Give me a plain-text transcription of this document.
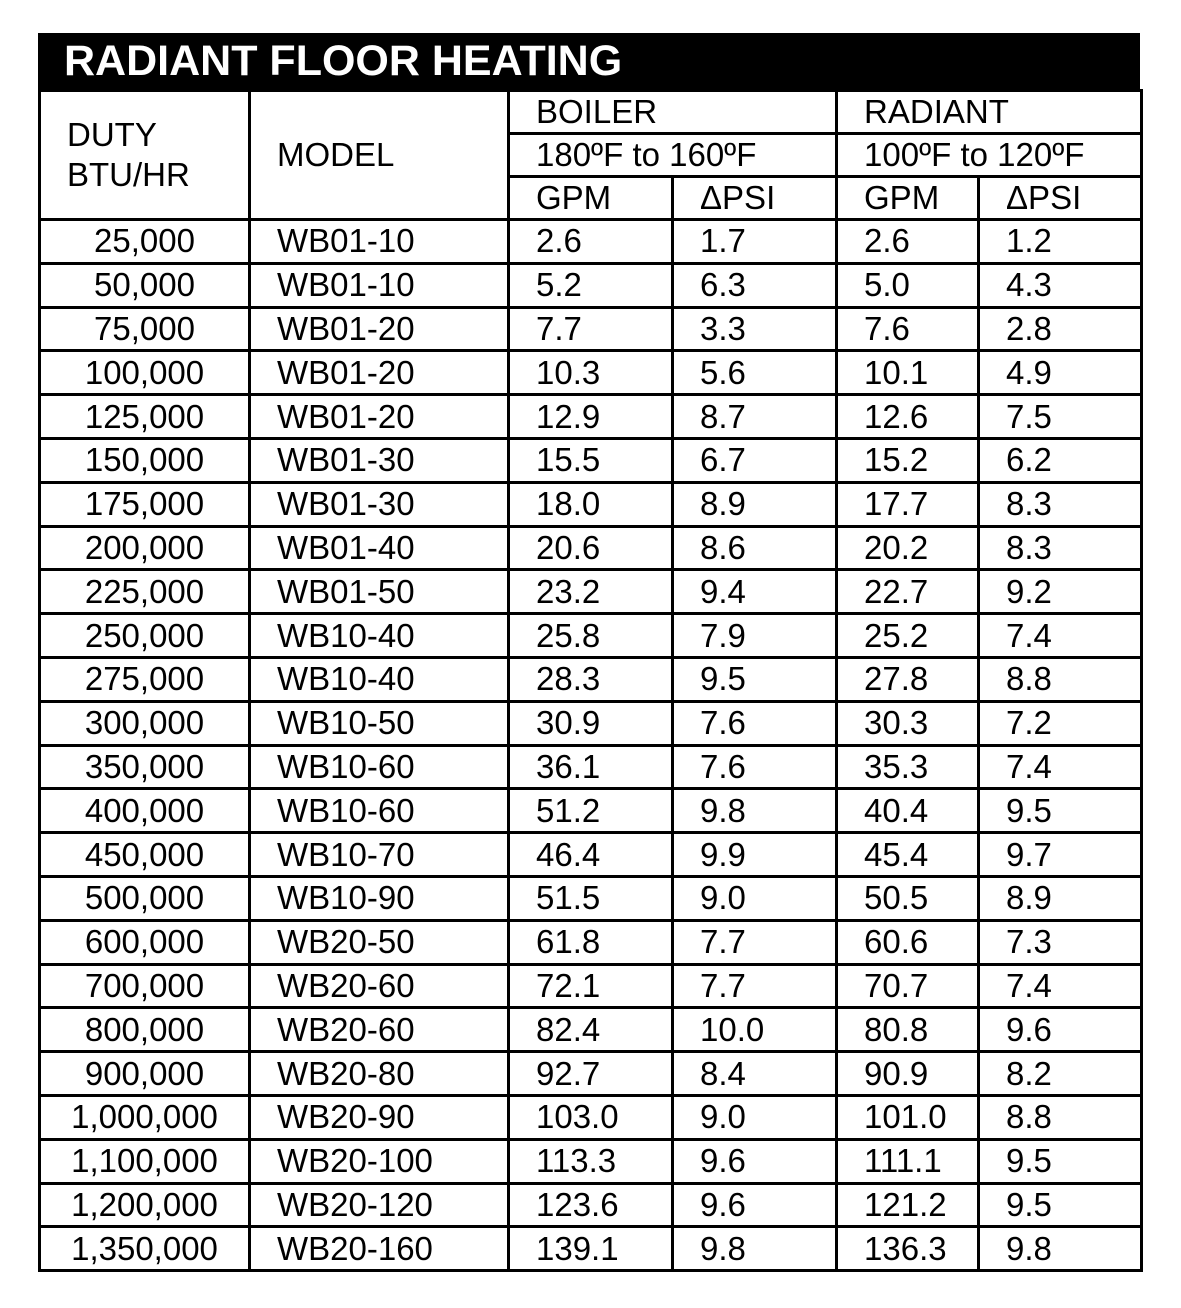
RADIANT FLOOR HEATING
DUTY
BTU/HR	MODEL	BOILER		RADIANT	
		180ºF to 160ºF		100ºF to 120ºF	
		GPM	ΔPSI	GPM	ΔPSI
25,000	WB01-10	2.6	1.7	2.6	1.2
50,000	WB01-10	5.2	6.3	5.0	4.3
75,000	WB01-20	7.7	3.3	7.6	2.8
100,000	WB01-20	10.3	5.6	10.1	4.9
125,000	WB01-20	12.9	8.7	12.6	7.5
150,000	WB01-30	15.5	6.7	15.2	6.2
175,000	WB01-30	18.0	8.9	17.7	8.3
200,000	WB01-40	20.6	8.6	20.2	8.3
225,000	WB01-50	23.2	9.4	22.7	9.2
250,000	WB10-40	25.8	7.9	25.2	7.4
275,000	WB10-40	28.3	9.5	27.8	8.8
300,000	WB10-50	30.9	7.6	30.3	7.2
350,000	WB10-60	36.1	7.6	35.3	7.4
400,000	WB10-60	51.2	9.8	40.4	9.5
450,000	WB10-70	46.4	9.9	45.4	9.7
500,000	WB10-90	51.5	9.0	50.5	8.9
600,000	WB20-50	61.8	7.7	60.6	7.3
700,000	WB20-60	72.1	7.7	70.7	7.4
800,000	WB20-60	82.4	10.0	80.8	9.6
900,000	WB20-80	92.7	8.4	90.9	8.2
1,000,000	WB20-90	103.0	9.0	101.0	8.8
1,100,000	WB20-100	113.3	9.6	111.1	9.5
1,200,000	WB20-120	123.6	9.6	121.2	9.5
1,350,000	WB20-160	139.1	9.8	136.3	9.8
